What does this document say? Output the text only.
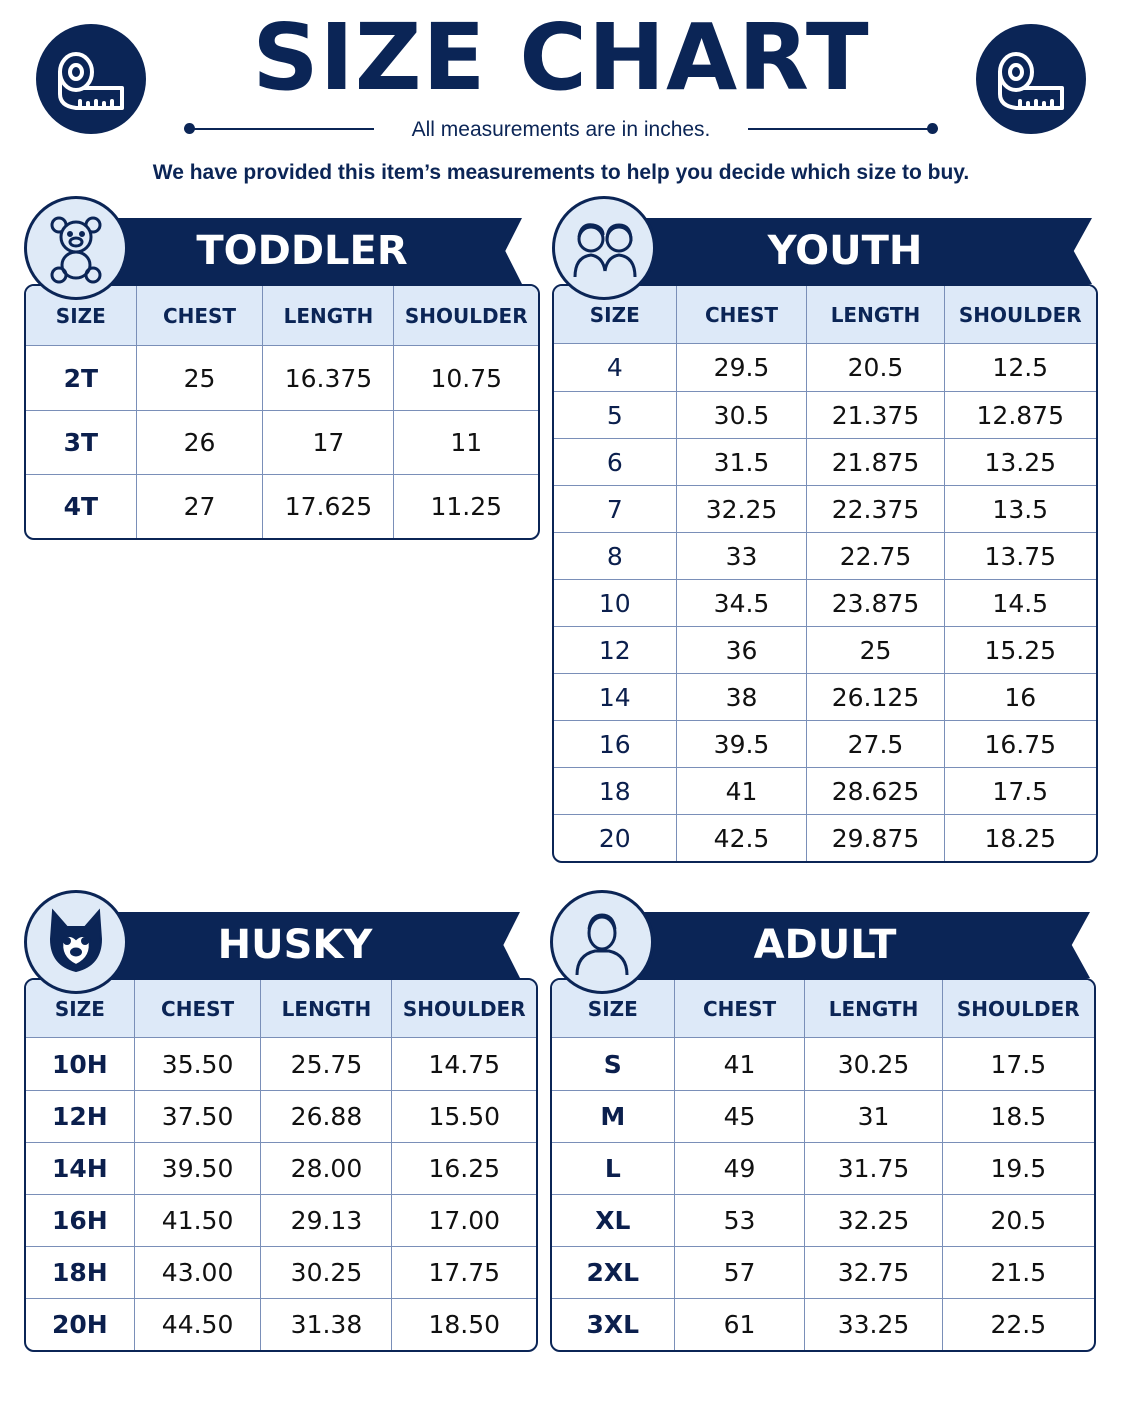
SIZE CHART
All measurements are in inches.
We have provided this item’s measurements to help you decide which size to buy.
TODDLER
SIZE	CHEST	LENGTH	SHOULDER
2T	25	16.375	10.75
3T	26	17	11
4T	27	17.625	11.25
YOUTH
SIZE	CHEST	LENGTH	SHOULDER
4	29.5	20.5	12.5
5	30.5	21.375	12.875
6	31.5	21.875	13.25
7	32.25	22.375	13.5
8	33	22.75	13.75
10	34.5	23.875	14.5
12	36	25	15.25
14	38	26.125	16
16	39.5	27.5	16.75
18	41	28.625	17.5
20	42.5	29.875	18.25
HUSKY
SIZE	CHEST	LENGTH	SHOULDER
10H	35.50	25.75	14.75
12H	37.50	26.88	15.50
14H	39.50	28.00	16.25
16H	41.50	29.13	17.00
18H	43.00	30.25	17.75
20H	44.50	31.38	18.50
ADULT
SIZE	CHEST	LENGTH	SHOULDER
S	41	30.25	17.5
M	45	31	18.5
L	49	31.75	19.5
XL	53	32.25	20.5
2XL	57	32.75	21.5
3XL	61	33.25	22.5
